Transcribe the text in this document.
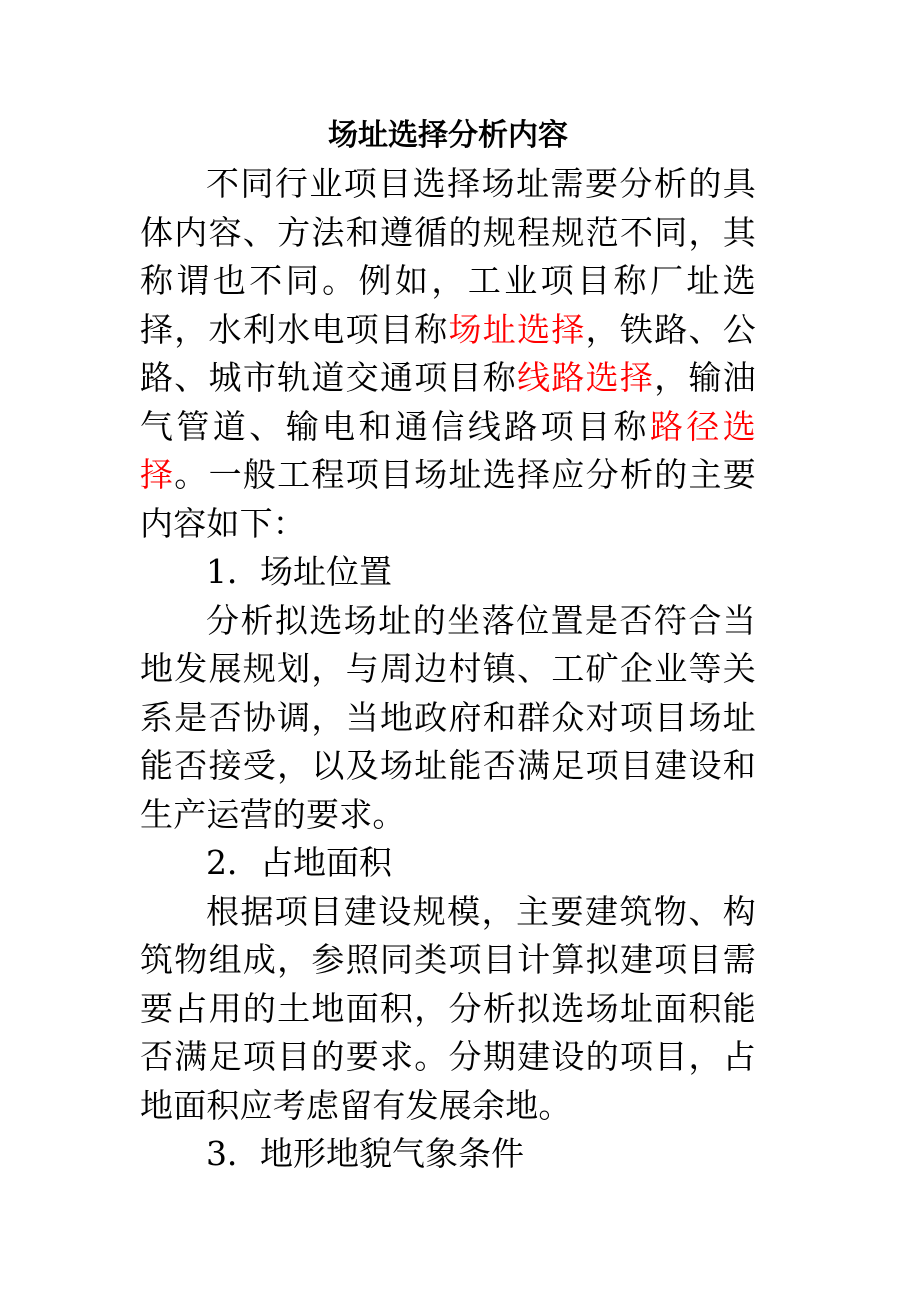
场址选择分析内容

不同行业项目选择场址需要分析的具体内容、方法和遵循的规程规范不同，其称谓也不同。例如，工业项目称厂址选择，水利水电项目称场址选择，铁路、公路、城市轨道交通项目称线路选择，输油气管道、输电和通信线路项目称路径选择。一般工程项目场址选择应分析的主要内容如下：

1．场址位置

分析拟选场址的坐落位置是否符合当地发展规划，与周边村镇、工矿企业等关系是否协调，当地政府和群众对项目场址能否接受，以及场址能否满足项目建设和生产运营的要求。

2．占地面积

根据项目建设规模，主要建筑物、构筑物组成，参照同类项目计算拟建项目需要占用的土地面积，分析拟选场址面积能否满足项目的要求。分期建设的项目，占地面积应考虑留有发展余地。

3．地形地貌气象条件
